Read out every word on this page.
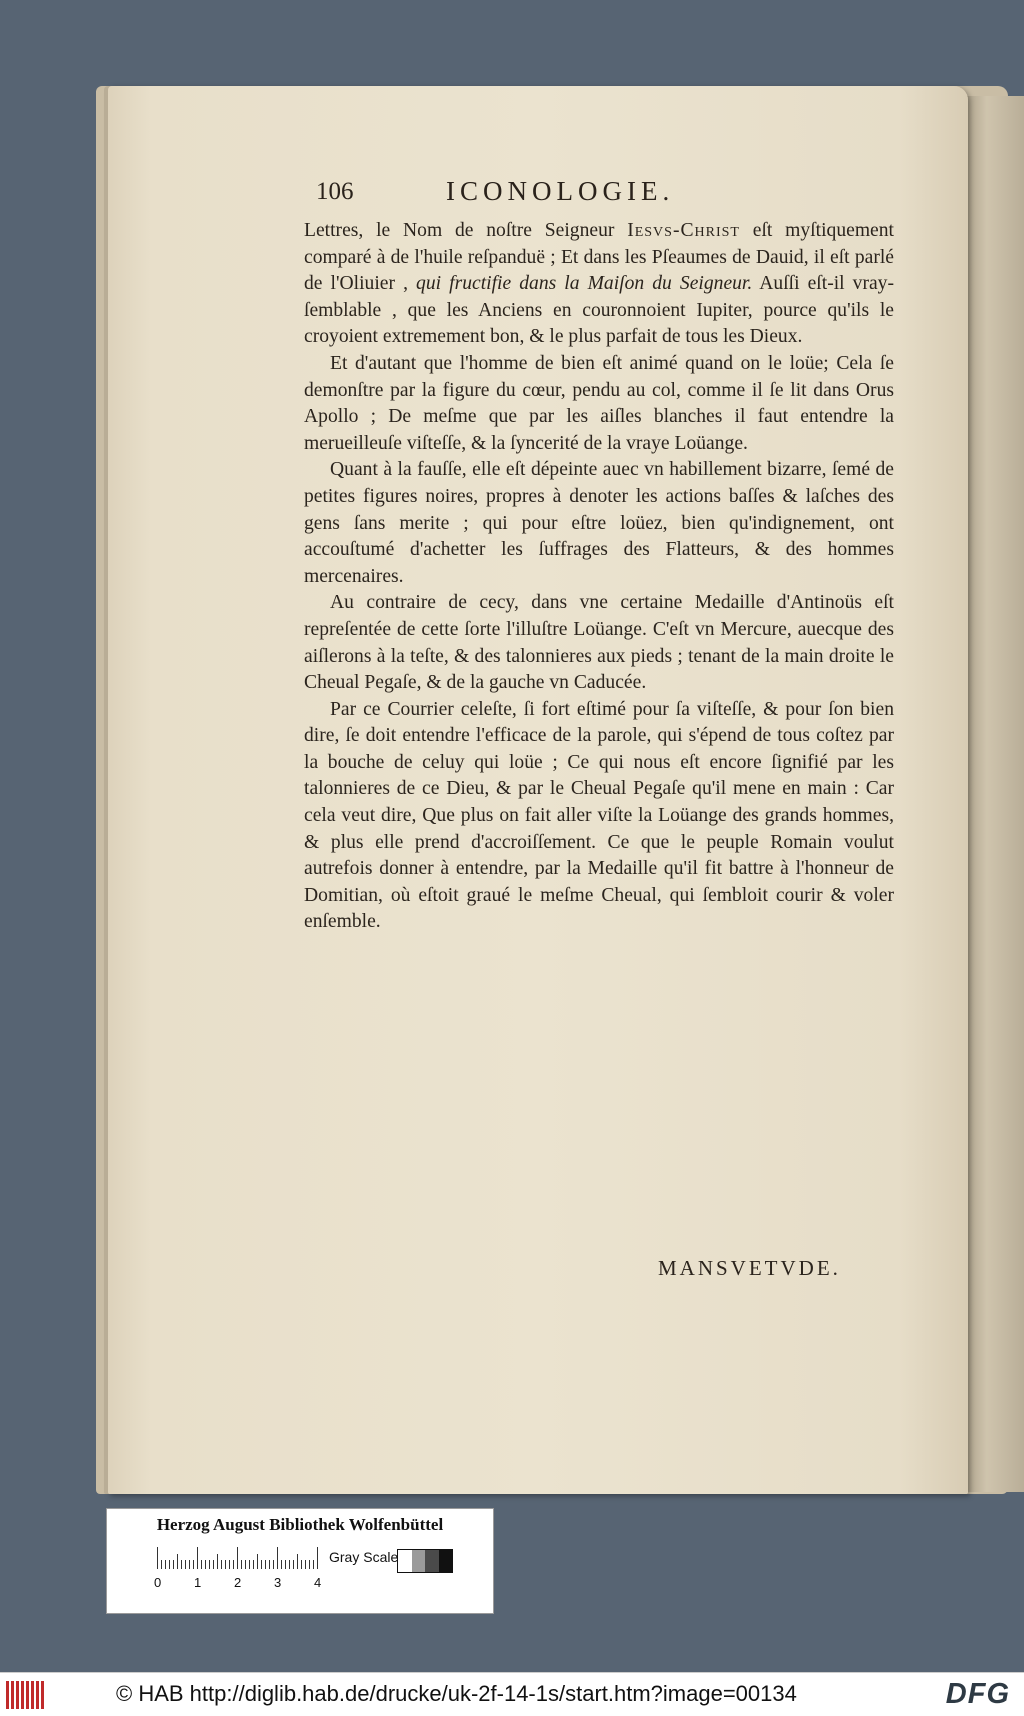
106	ICONOLOGIE.

Lettres, le Nom de noſtre Seigneur Iesvs-Christ eſt myſtiquement comparé à de l'huile reſpanduë ; Et dans les Pſeaumes de Dauid, il eſt parlé de l'Oliuier , qui fructifie dans la Maiſon du Seigneur. Auſſi eſt-il vray-ſemblable , que les Anciens en couronnoient Iupiter, pource qu'ils le croyoient extremement bon, & le plus parfait de tous les Dieux.

Et d'autant que l'homme de bien eſt animé quand on le loüe; Cela ſe demonſtre par la figure du cœur, pendu au col, comme il ſe lit dans Orus Apollo ; De meſme que par les aiſles blanches il faut entendre la merueilleuſe viſteſſe, & la ſyncerité de la vraye Loüange.

Quant à la fauſſe, elle eſt dépeinte auec vn habillement bizarre, ſemé de petites figures noires, propres à denoter les actions baſſes & laſches des gens ſans merite ; qui pour eſtre loüez, bien qu'indignement, ont accouſtumé d'achetter les ſuffrages des Flatteurs, & des hommes mercenaires.

Au contraire de cecy, dans vne certaine Medaille d'Antinoüs eſt repreſentée de cette ſorte l'illuſtre Loüange. C'eſt vn Mercure, auecque des aiſlerons à la teſte, & des talonnieres aux pieds ; tenant de la main droite le Cheual Pegaſe, & de la gauche vn Caducée.

Par ce Courrier celeſte, ſi fort eſtimé pour ſa viſteſſe, & pour ſon bien dire, ſe doit entendre l'efficace de la parole, qui s'épend de tous coſtez par la bouche de celuy qui loüe ; Ce qui nous eſt encore ſignifié par les talonnieres de ce Dieu, & par le Cheual Pegaſe qu'il mene en main : Car cela veut dire, Que plus on fait aller viſte la Loüange des grands hommes, & plus elle prend d'accroiſſement. Ce que le peuple Romain voulut autrefois donner à entendre, par la Medaille qu'il fit battre à l'honneur de Domitian, où eſtoit graué le meſme Cheual, qui ſembloit courir & voler enſemble.

MANSVETVDE.
Herzog August Bibliothek Wolfenbüttel
0	1	2	3	4
Gray Scale
© HAB http://diglib.hab.de/drucke/uk-2f-14-1s/start.htm?image=00134	DFG
